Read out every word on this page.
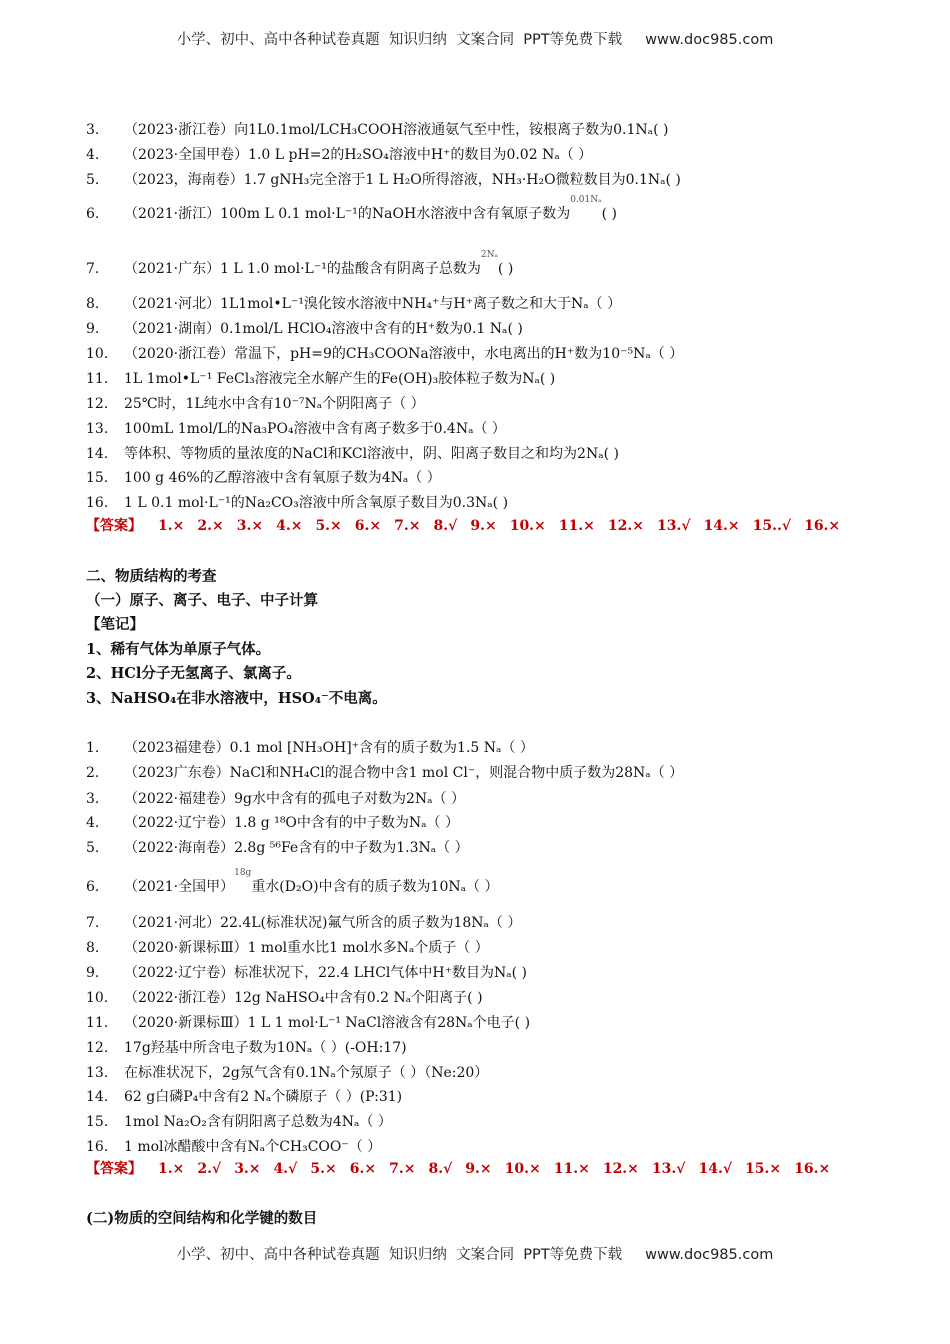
小学、初中、高中各种试卷真题  知识归纳  文案合同  PPT等免费下载     www.doc985.com
3. （2023·浙江卷）向1L0.1mol/LCH₃COOH溶液通氨气至中性，铵根离子数为0.1Nₐ( )
4. （2023·全国甲卷）1.0 L pH=2的H₂SO₄溶液中H⁺的数目为0.02 Nₐ（ ）
5. （2023，海南卷）1.7 gNH₃完全溶于1 L H₂O所得溶液，NH₃·H₂O微粒数目为0.1Nₐ( )
6. （2021·浙江）100m L 0.1 mol·L⁻¹的NaOH水溶液中含有氧原子数为$^{0.01N_a}$( )
7. （2021·广东）1 L 1.0 mol·L⁻¹的盐酸含有阴离子总数为$^{2N_a}$( )
8. （2021·河北）1L1mol•L⁻¹溴化铵水溶液中NH₄⁺与H⁺离子数之和大于Nₐ（ ）
9. （2021·湖南）0.1mol/L HClO₄溶液中含有的H⁺数为0.1 Nₐ( )
10. （2020·浙江卷）常温下，pH=9的CH₃COONa溶液中，水电离出的H⁺数为10⁻⁵Nₐ（ ）
11. 1L 1mol•L⁻¹ FeCl₃溶液完全水解产生的Fe(OH)₃胶体粒子数为Nₐ( )
12. 25℃时，1L纯水中含有10⁻⁷Nₐ个阴阳离子（ ）
13. 100mL 1mol/L的Na₃PO₄溶液中含有离子数多于0.4Nₐ（ ）
14. 等体积、等物质的量浓度的NaCl和KCl溶液中，阴、阳离子数目之和均为2Nₐ( )
15. 100 g 46%的乙醇溶液中含有氧原子数为4Nₐ（ ）
16. 1 L 0.1 mol·L⁻¹的Na₂CO₃溶液中所含氧原子数目为0.3Nₐ( )
【答案】 1.× 2.× 3.× 4.× 5.× 6.× 7.× 8.√ 9.× 10.× 11.× 12.× 13.√ 14.× 15..√ 16.×
二、物质结构的考查
（一）原子、离子、电子、中子计算
【笔记】
1、稀有气体为单原子气体。
2、HCl分子无氢离子、氯离子。
3、NaHSO₄在非水溶液中，HSO₄⁻不电离。
1. （2023福建卷）0.1 mol [NH₃OH]⁺含有的质子数为1.5 Nₐ（ ）
2. （2023广东卷）NaCl和NH₄Cl的混合物中含1 mol Cl⁻，则混合物中质子数为28Nₐ（ ）
3. （2022·福建卷）9g水中含有的孤电子对数为2Nₐ（ ）
4. （2022·辽宁卷）1.8 g ¹⁸O中含有的中子数为Nₐ（ ）
5. （2022·海南卷）2.8g ⁵⁶Fe含有的中子数为1.3Nₐ（ ）
6. （2021·全国甲）$^{18g}$重水(D₂O)中含有的质子数为10Nₐ（ ）
7. （2021·河北）22.4L(标准状况)氟气所含的质子数为18Nₐ（ ）
8. （2020·新课标Ⅲ）1 mol重水比1 mol水多Nₐ个质子（ ）
9. （2022·辽宁卷）标准状况下，22.4 LHCl气体中H⁺数目为Nₐ( )
10. （2022·浙江卷）12g NaHSO₄中含有0.2 Nₐ个阳离子( )
11. （2020·新课标Ⅲ）1 L 1 mol·L⁻¹ NaCl溶液含有28Nₐ个电子( )
12. 17g羟基中所含电子数为10Nₐ（ ）(-OH:17)
13. 在标准状况下，2g氖气含有0.1Nₐ个氖原子（ ）（Ne:20）
14. 62 g白磷P₄中含有2 Nₐ个磷原子（ ）(P:31)
15. 1mol Na₂O₂含有阴阳离子总数为4Nₐ（ ）
16. 1 mol冰醋酸中含有Nₐ个CH₃COO⁻（ ）
【答案】 1.× 2.√ 3.× 4.√ 5.× 6.× 7.× 8.√ 9.× 10.× 11.× 12.× 13.√ 14.√ 15.× 16.×
(二)物质的空间结构和化学键的数目
小学、初中、高中各种试卷真题  知识归纳  文案合同  PPT等免费下载     www.doc985.com
